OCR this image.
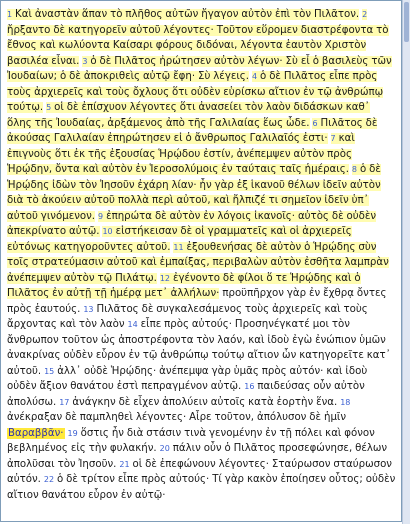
1 Καὶ ἀναστὰν ἅπαν τὸ πλῆθος αὐτῶν ἤγαγον αὐτὸν ἐπὶ τὸν Πιλᾶτον. 2 ἤρξαντο δὲ κατηγορεῖν αὐτοῦ λέγοντες· Τοῦτον εὕρομεν διαστρέφοντα τὸ ἔθνος καὶ κωλύοντα Καίσαρι φόρους διδόναι, λέγοντα ἑαυτὸν Χριστὸν βασιλέα εἶναι. 3 ὁ δὲ Πιλᾶτος ἠρώτησεν αὐτὸν λέγων· Σὺ εἶ ὁ βασιλεὺς τῶν Ἰουδαίων; ὁ δὲ ἀποκριθεὶς αὐτῷ ἔφη· Σὺ λέγεις. 4 ὁ δὲ Πιλᾶτος εἶπε πρὸς τοὺς ἀρχιερεῖς καὶ τοὺς ὄχλους ὅτι οὐδὲν εὑρίσκω αἴτιον ἐν τῷ ἀνθρώπῳ τούτῳ. 5 οἱ δὲ ἐπίσχυον λέγοντες ὅτι ἀνασείει τὸν λαὸν διδάσκων καθ᾿ ὅλης τῆς Ἰουδαίας, ἀρξάμενος ἀπὸ τῆς Γαλιλαίας ἕως ὧδε. 6 Πιλᾶτος δὲ ἀκούσας Γαλιλαίαν ἐπηρώτησεν εἰ ὁ ἄνθρωπος Γαλιλαῖός ἐστι· 7 καὶ ἐπιγνοὺς ὅτι ἐκ τῆς ἐξουσίας Ἡρῴδου ἐστίν, ἀνέπεμψεν αὐτὸν πρὸς Ἡρῴδην, ὄντα καὶ αὐτὸν ἐν Ἱεροσολύμοις ἐν ταύταις ταῖς ἡμέραις. 8 ὁ δὲ Ἡρῴδης ἰδὼν τὸν Ἰησοῦν ἐχάρη λίαν· ἦν γὰρ ἐξ ἱκανοῦ θέλων ἰδεῖν αὐτὸν διὰ τὸ ἀκούειν αὐτοῦ πολλὰ περὶ αὐτοῦ, καὶ ἤλπιζέ τι σημεῖον ἰδεῖν ὑπ᾿ αὐτοῦ γινόμενον. 9 ἐπηρώτα δὲ αὐτὸν ἐν λόγοις ἱκανοῖς· αὐτὸς δὲ οὐδὲν ἀπεκρίνατο αὐτῷ. 10 εἱστήκεισαν δὲ οἱ γραμματεῖς καὶ οἱ ἀρχιερεῖς εὐτόνως κατηγοροῦντες αὐτοῦ. 11 ἐξουθενήσας δὲ αὐτὸν ὁ Ἡρῴδης σὺν τοῖς στρατεύμασιν αὐτοῦ καὶ ἐμπαίξας, περιβαλὼν αὐτὸν ἐσθῆτα λαμπρὰν ἀνέπεμψεν αὐτὸν τῷ Πιλάτῳ. 12 ἐγένοντο δὲ φίλοι ὅ τε Ἡρῴδης καὶ ὁ Πιλᾶτος ἐν αὐτῇ τῇ ἡμέρᾳ μετ᾿ ἀλλήλων· προϋπῆρχον γὰρ ἐν ἔχθρᾳ ὄντες πρὸς ἑαυτούς. 13 Πιλᾶτος δὲ συγκαλεσάμενος τοὺς ἀρχιερεῖς καὶ τοὺς ἄρχοντας καὶ τὸν λαὸν 14 εἶπε πρὸς αὐτούς· Προσηνέγκατέ μοι τὸν ἄνθρωπον τοῦτον ὡς ἀποστρέφοντα τὸν λαόν, καὶ ἰδοὺ ἐγὼ ἐνώπιον ὑμῶν ἀνακρίνας οὐδὲν εὗρον ἐν τῷ ἀνθρώπῳ τούτῳ αἴτιον ὧν κατηγορεῖτε κατ᾿ αὐτοῦ. 15 ἀλλ᾿ οὐδὲ Ἡρῴδης· ἀνέπεμψα γὰρ ὑμᾶς πρὸς αὐτόν· καὶ ἰδοὺ οὐδὲν ἄξιον θανάτου ἐστὶ πεπραγμένον αὐτῷ. 16 παιδεύσας οὖν αὐτὸν ἀπολύσω. 17 ἀνάγκην δὲ εἶχεν ἀπολύειν αὐτοῖς κατὰ ἑορτὴν ἕνα. 18 ἀνέκραξαν δὲ παμπληθεὶ λέγοντες· Αἶρε τοῦτον, ἀπόλυσον δὲ ἡμῖν Βαραββᾶν· 19 ὅστις ἦν διὰ στάσιν τινὰ γενομένην ἐν τῇ πόλει καὶ φόνον βεβλημένος εἰς τὴν φυλακήν. 20 πάλιν οὖν ὁ Πιλᾶτος προσεφώνησε, θέλων ἀπολῦσαι τὸν Ἰησοῦν. 21 οἱ δὲ ἐπεφώνουν λέγοντες· Σταύρωσον σταύρωσον αὐτόν. 22 ὁ δὲ τρίτον εἶπε πρὸς αὐτούς· Τί γὰρ κακὸν ἐποίησεν οὗτος; οὐδὲν αἴτιον θανάτου εὗρον ἐν αὐτῷ·
